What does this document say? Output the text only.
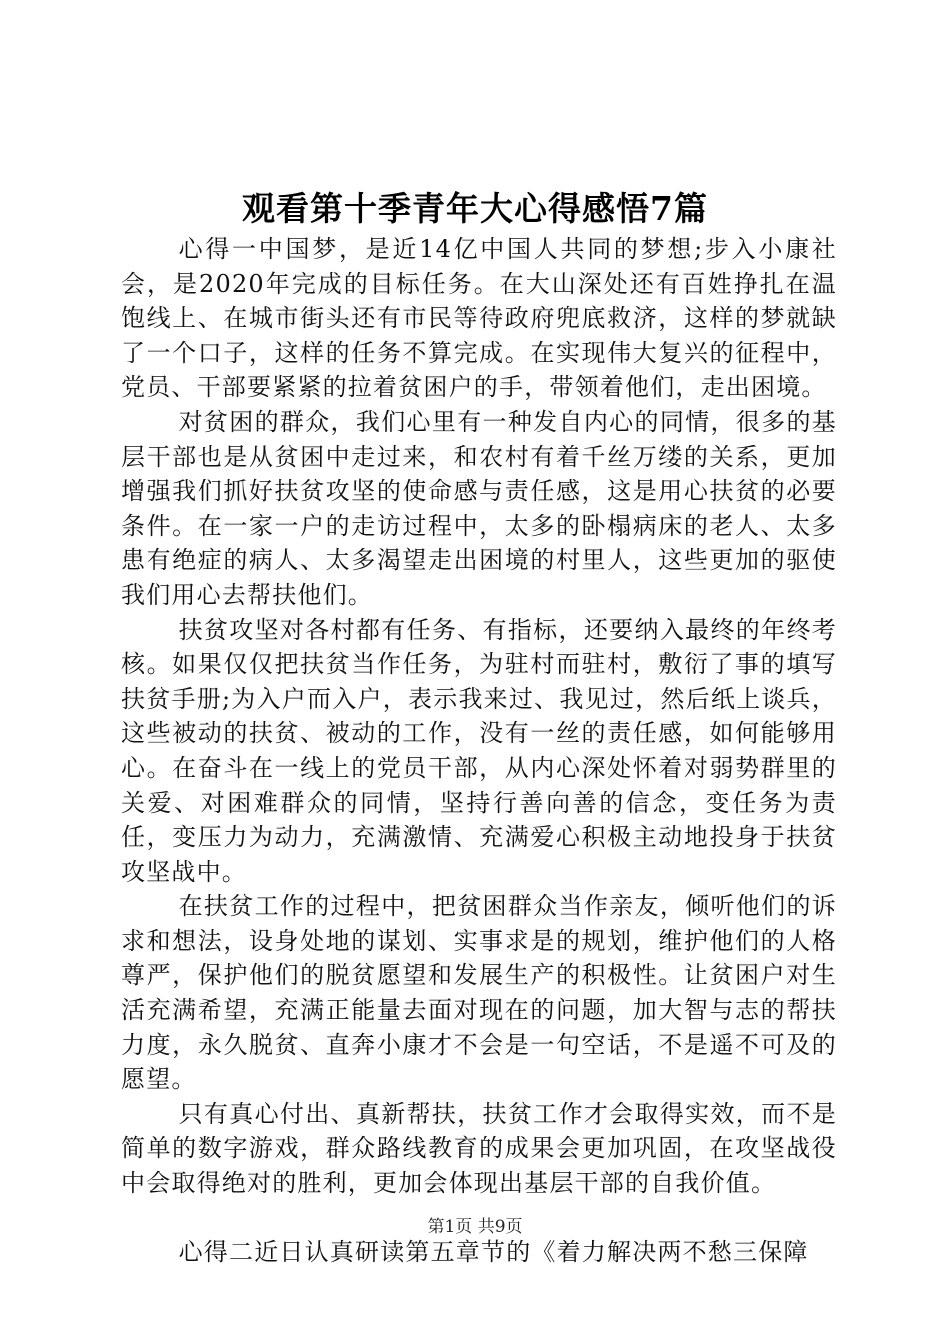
观看第十季青年大心得感悟7篇

心得一中国梦，是近14亿中国人共同的梦想;步入小康社会，是2020年完成的目标任务。在大山深处还有百姓挣扎在温饱线上、在城市街头还有市民等待政府兜底救济，这样的梦就缺了一个口子，这样的任务不算完成。在实现伟大复兴的征程中，党员、干部要紧紧的拉着贫困户的手，带领着他们，走出困境。

对贫困的群众，我们心里有一种发自内心的同情，很多的基层干部也是从贫困中走过来，和农村有着千丝万缕的关系，更加增强我们抓好扶贫攻坚的使命感与责任感，这是用心扶贫的必要条件。在一家一户的走访过程中，太多的卧榻病床的老人、太多患有绝症的病人、太多渴望走出困境的村里人，这些更加的驱使我们用心去帮扶他们。

扶贫攻坚对各村都有任务、有指标，还要纳入最终的年终考核。如果仅仅把扶贫当作任务，为驻村而驻村，敷衍了事的填写扶贫手册;为入户而入户，表示我来过、我见过，然后纸上谈兵，这些被动的扶贫、被动的工作，没有一丝的责任感，如何能够用心。在奋斗在一线上的党员干部，从内心深处怀着对弱势群里的关爱、对困难群众的同情，坚持行善向善的信念，变任务为责任，变压力为动力，充满激情、充满爱心积极主动地投身于扶贫攻坚战中。

在扶贫工作的过程中，把贫困群众当作亲友，倾听他们的诉求和想法，设身处地的谋划、实事求是的规划，维护他们的人格尊严，保护他们的脱贫愿望和发展生产的积极性。让贫困户对生活充满希望，充满正能量去面对现在的问题，加大智与志的帮扶力度，永久脱贫、直奔小康才不会是一句空话，不是遥不可及的愿望。

只有真心付出、真新帮扶，扶贫工作才会取得实效，而不是简单的数字游戏，群众路线教育的成果会更加巩固，在攻坚战役中会取得绝对的胜利，更加会体现出基层干部的自我价值。

心得二近日认真研读第五章节的《着力解决两不愁三保障

第1页 共9页
